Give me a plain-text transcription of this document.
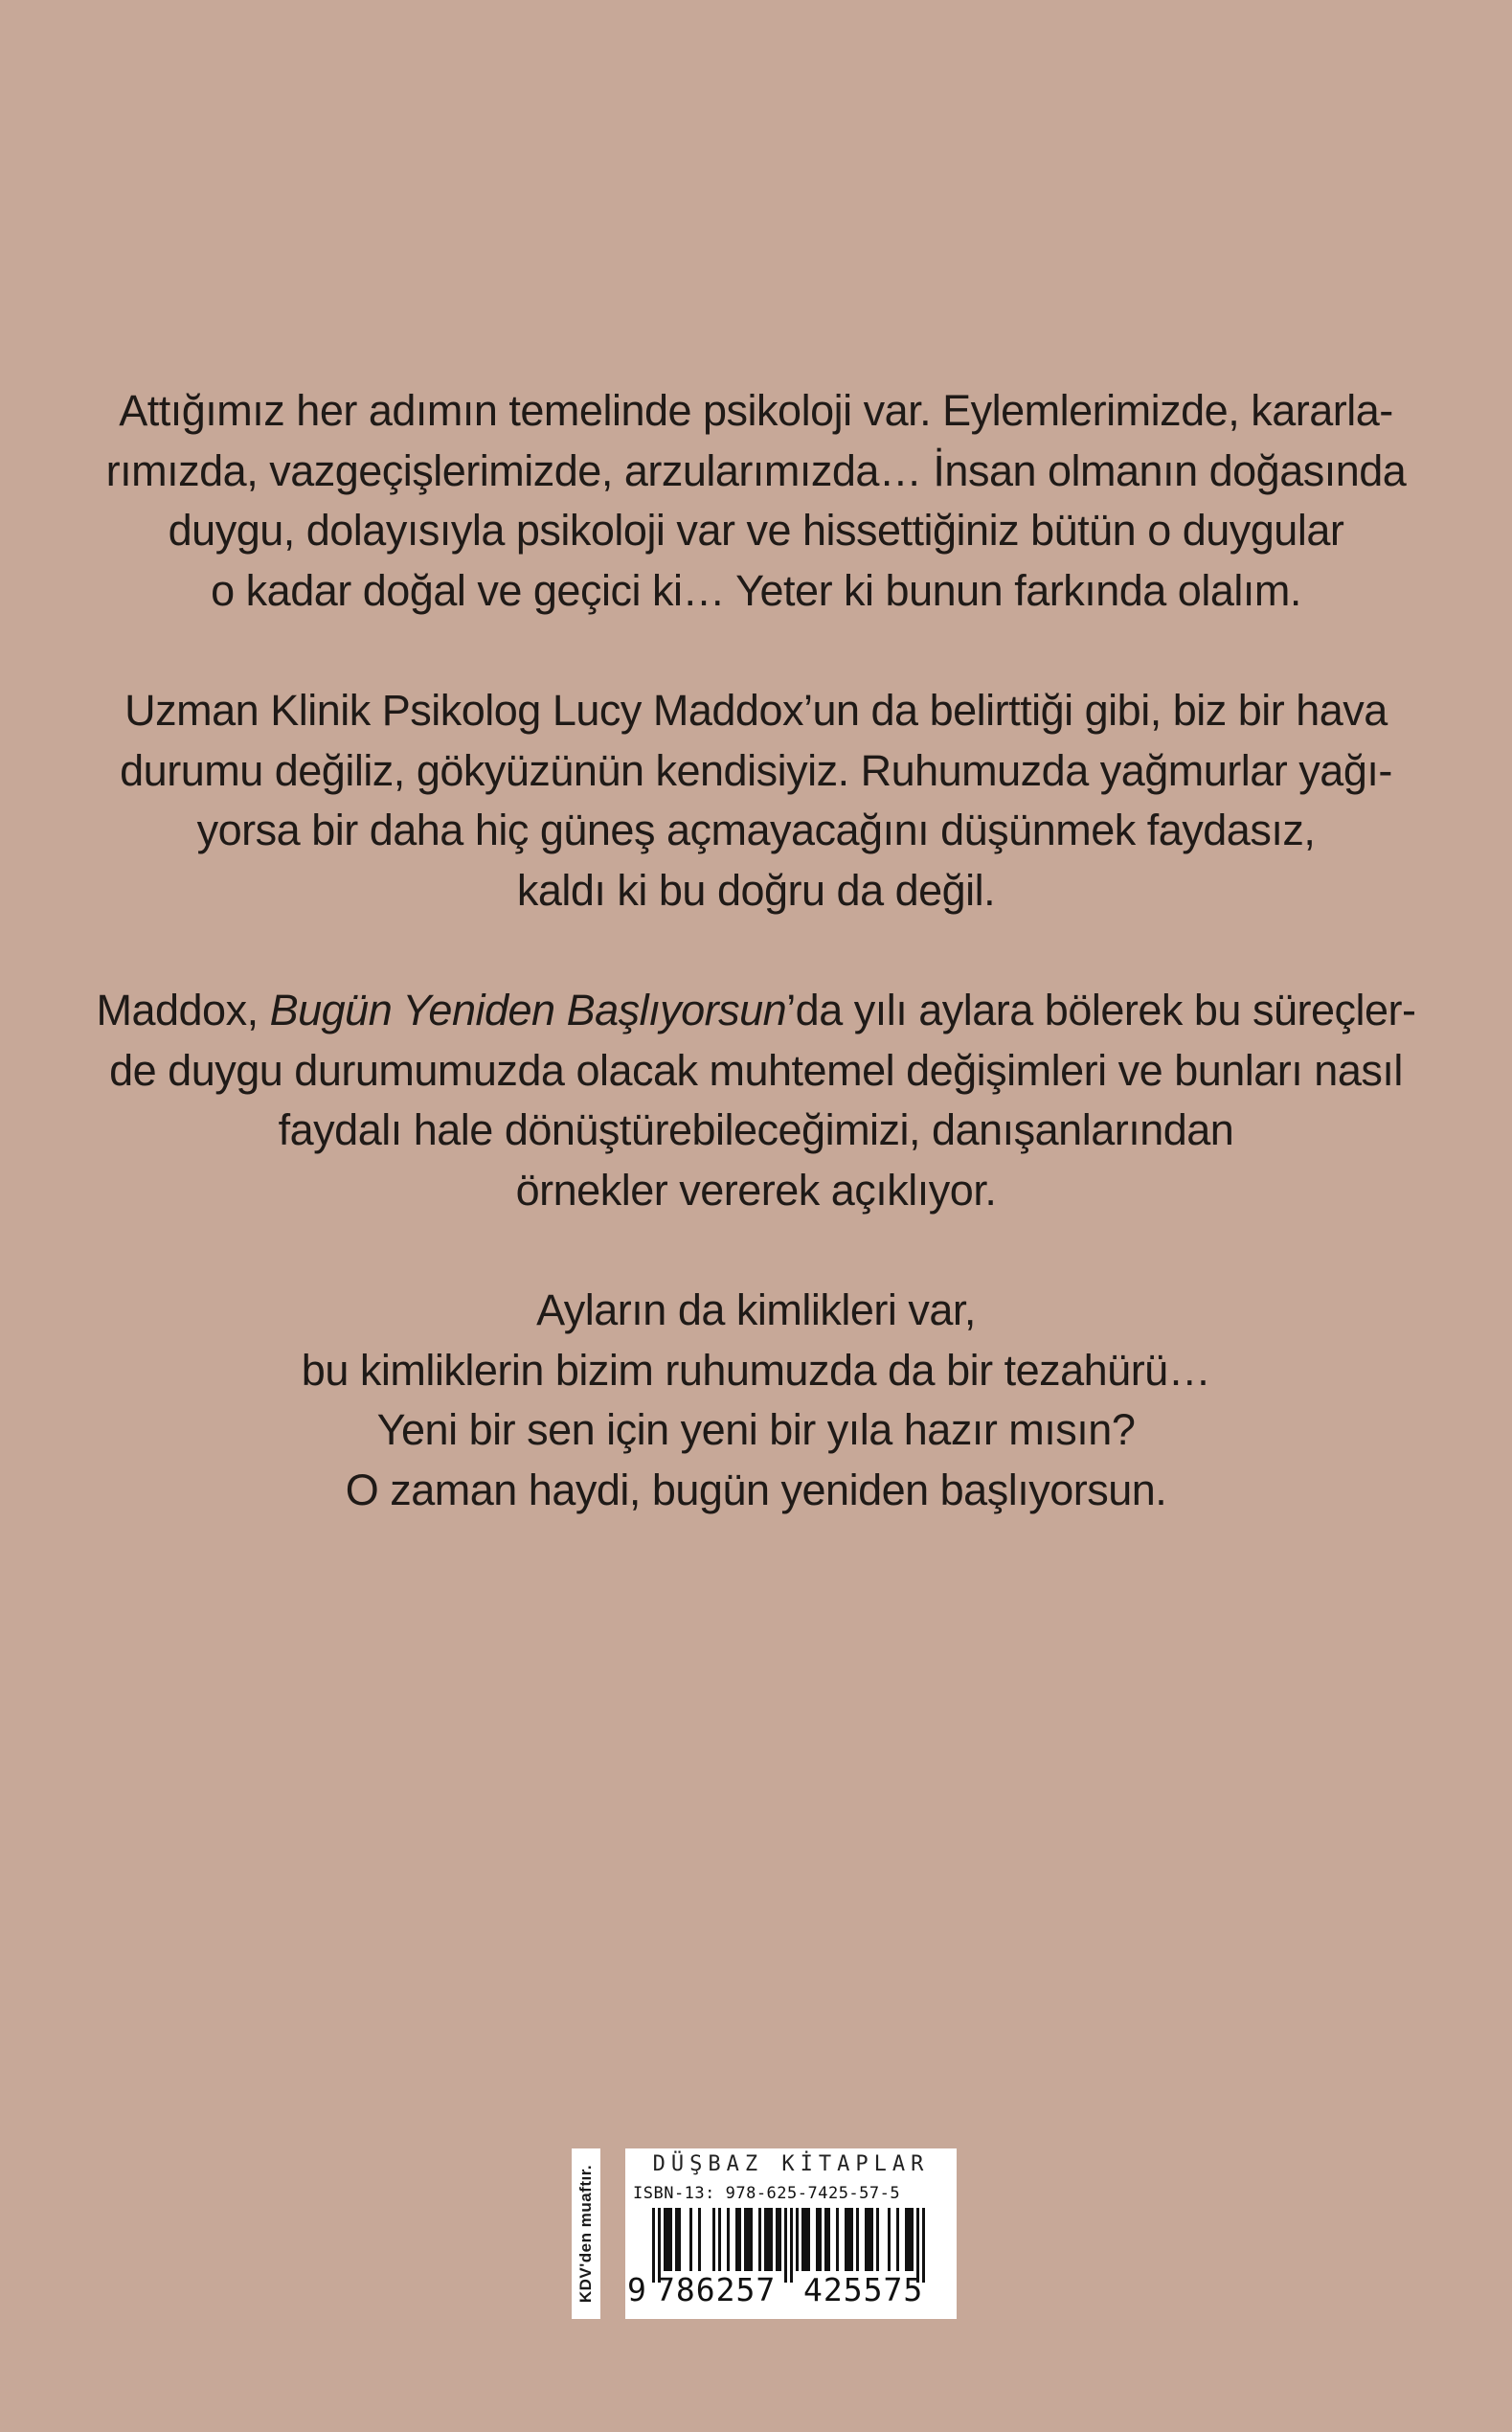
Attığımız her adımın temelinde psikoloji var. Eylemlerimizde, kararla-
rımızda, vazgeçişlerimizde, arzularımızda… İnsan olmanın doğasında
duygu, dolayısıyla psikoloji var ve hissettiğiniz bütün o duygular
o kadar doğal ve geçici ki… Yeter ki bunun farkında olalım.

Uzman Klinik Psikolog Lucy Maddox’un da belirttiği gibi, biz bir hava
durumu değiliz, gökyüzünün kendisiyiz. Ruhumuzda yağmurlar yağı-
yorsa bir daha hiç güneş açmayacağını düşünmek faydasız,
kaldı ki bu doğru da değil.

Maddox, Bugün Yeniden Başlıyorsun’da yılı aylara bölerek bu süreçler-
de duygu durumumuzda olacak muhtemel değişimleri ve bunları nasıl
faydalı hale dönüştürebileceğimizi, danışanlarından
örnekler vererek açıklıyor.

Ayların da kimlikleri var,
bu kimliklerin bizim ruhumuzda da bir tezahürü…
Yeni bir sen için yeni bir yıla hazır mısın?
O zaman haydi, bugün yeniden başlıyorsun.

KDV'den muaftır.
DÜŞBAZ KİTAPLAR
ISBN-13: 978-625-7425-57-5
9 786257 425575
